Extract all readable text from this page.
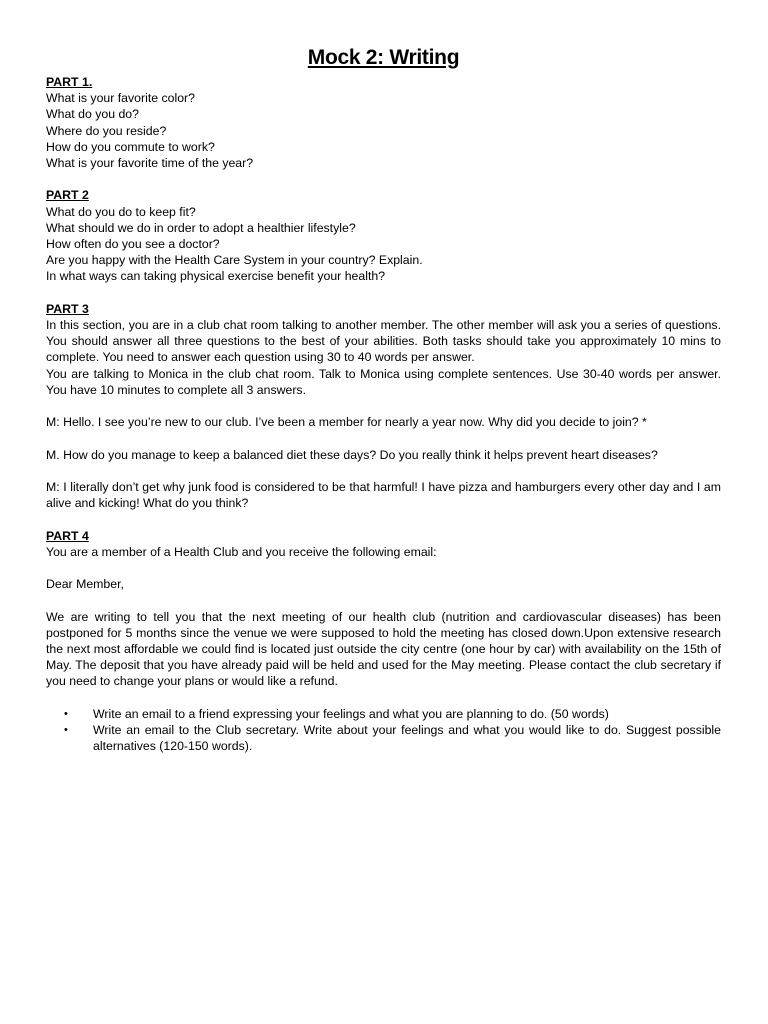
Mock 2: Writing

PART 1.

What is your favorite color?

What do you do?

Where do you reside?

How do you commute to work?

What is your favorite time of the year?

PART 2

What do you do to keep fit?

What should we do in order to adopt a healthier lifestyle?

How often do you see a doctor?

Are you happy with the Health Care System in your country? Explain.

In what ways can taking physical exercise benefit your health?

PART 3

In this section, you are in a club chat room talking to another member. The other member will ask you a series of questions. You should answer all three questions to the best of your abilities. Both tasks should take you approximately 10 mins to complete. You need to answer each question using 30 to 40 words per answer.

You are talking to Monica in the club chat room. Talk to Monica using complete sentences. Use 30-40 words per answer. You have 10 minutes to complete all 3 answers.

M: Hello. I see you’re new to our club. I’ve been a member for nearly a year now. Why did you decide to join? *

M. How do you manage to keep a balanced diet these days? Do you really think it helps prevent heart diseases?

M: I literally don’t get why junk food is considered to be that harmful! I have pizza and hamburgers every other day and I am alive and kicking! What do you think?

PART 4

You are a member of a Health Club and you receive the following email:

Dear Member,

We are writing to tell you that the next meeting of our health club (nutrition and cardiovascular diseases) has been postponed for 5 months since the venue we were supposed to hold the meeting has closed down.Upon extensive research the next most affordable we could find is located just outside the city centre (one hour by car) with availability on the 15th of May. The deposit that you have already paid will be held and used for the May meeting. Please contact the club secretary if you need to change your plans or would like a refund.

• Write an email to a friend expressing your feelings and what you are planning to do. (50 words)
• Write an email to the Club secretary. Write about your feelings and what you would like to do. Suggest possible alternatives (120-150 words).
